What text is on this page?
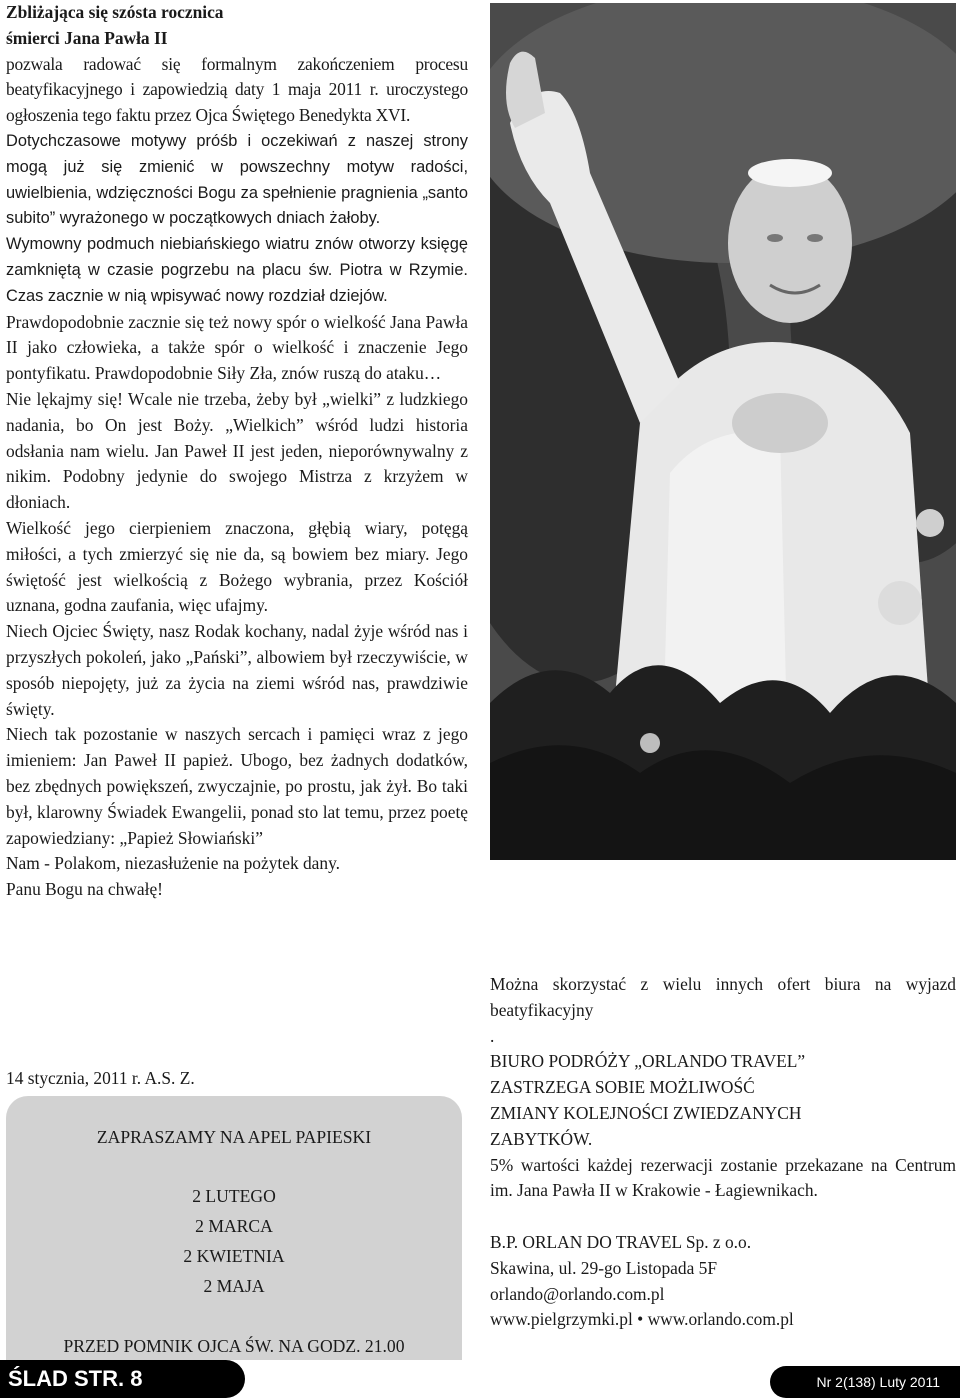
Zbliżająca się szósta rocznica

śmierci Jana Pawła II

pozwala radować się formalnym zakończeniem procesu beatyfikacyjnego i zapowiedzią daty 1 maja 2011 r. uroczystego ogłoszenia tego faktu przez Ojca Świętego Benedykta XVI.

Dotychczasowe motywy próśb i oczekiwań z naszej strony mogą już się zmienić w powszechny motyw radości, uwielbienia, wdzięczności Bogu za spełnienie pragnienia „santo subito” wyrażonego w początkowych dniach żałoby.

Wymowny podmuch niebiańskiego wiatru znów otworzy księgę zamkniętą w czasie pogrzebu na placu św. Piotra w Rzymie. Czas zacznie w nią wpisywać nowy rozdział dziejów.

Prawdopodobnie zacznie się też nowy spór o wielkość Jana Pawła II jako człowieka, a także spór o wielkość i znaczenie Jego pontyfikatu. Prawdopodobnie Siły Zła, znów ruszą do ataku…

Nie lękajmy się! Wcale nie trzeba, żeby był „wielki” z ludzkiego nadania, bo On jest Boży. „Wielkich” wśród ludzi historia odsłania nam wielu. Jan Paweł II jest jeden, nieporównywalny z nikim. Podobny jedynie do swojego Mistrza z krzyżem w dłoniach.

Wielkość jego cierpieniem znaczona, głębią wiary, potęgą miłości, a tych zmierzyć się nie da, są bowiem bez miary. Jego świętość jest wielkością z Bożego wybrania, przez Kościół uznana, godna zaufania, więc ufajmy.

Niech Ojciec Święty, nasz Rodak kochany, nadal żyje wśród nas i przyszłych pokoleń, jako „Pański”, albowiem był rzeczywiście, w sposób niepojęty, już za życia na ziemi wśród nas, prawdziwie święty.

Niech tak pozostanie w naszych sercach i pamięci wraz z jego imieniem: Jan Paweł II papież. Ubogo, bez żadnych dodatków, bez zbędnych powiększeń, zwyczajnie, po prostu, jak żył. Bo taki był, klarowny Świadek Ewangelii, ponad sto lat temu, przez poetę zapowiedziany: „Papież Słowiański”

Nam - Polakom, niezasłużenie na pożytek dany.

Panu Bogu na chwałę!

14 stycznia, 2011 r. A.S. Z.
ZAPRASZAMY NA APEL PAPIESKI
2 LUTEGO
2 MARCA
2 KWIETNIA
2 MAJA
PRZED POMNIK OJCA ŚW. NA GODZ. 21.00

Można skorzystać z wielu innych ofert biura na wyjazd beatyfikacyjny

.

BIURO PODRÓŻY „ORLANDO TRAVEL”

ZASTRZEGA SOBIE MOŻLIWOŚĆ

ZMIANY KOLEJNOŚCI ZWIEDZANYCH

ZABYTKÓW.

5% wartości każdej rezerwacji zostanie przekazane na Centrum im. Jana Pawła II w Krakowie - Łagiewnikach.

B.P. ORLAN DO TRAVEL Sp. z o.o.

Skawina, ul. 29-go Listopada 5F

orlando@orlando.com.pl

www.pielgrzymki.pl • www.orlando.com.pl

ŚLAD STR. 8	Nr 2(138) Luty 2011
